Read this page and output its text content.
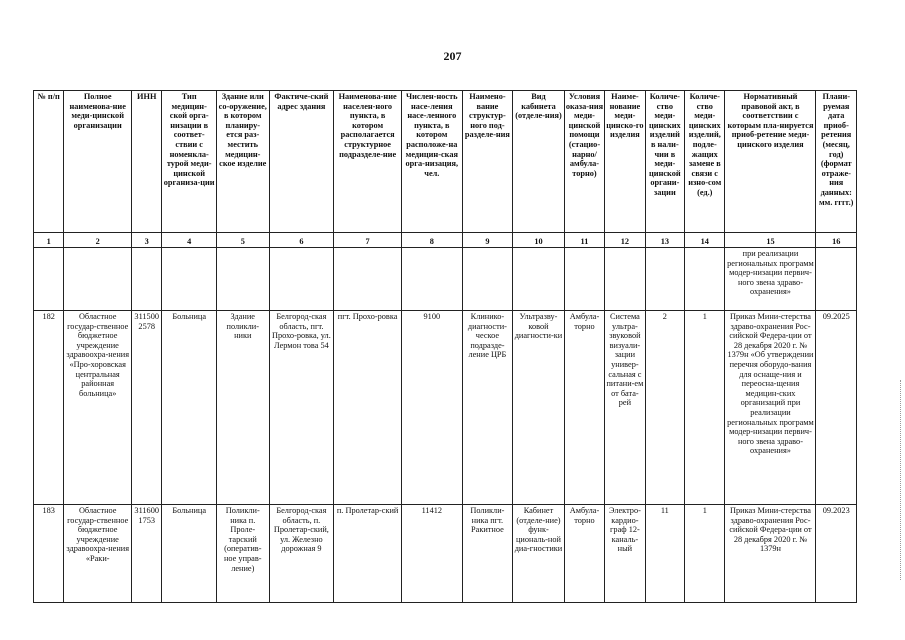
207
№ п/п	Полное наименова-ние меди-цинской организации	ИНН	Тип медицин-ской орга-низации в соответ-ствии с номенкла-турой меди-цинской организа-ции	Здание или со-оружение, в котором планиру-ется раз-местить медицин-ское изделие	Фактиче-ский адрес здания	Наименова-ние населен-ного пункта, в котором располагается структурное подразделе-ние	Числен-ность насе-ления насе-ленного пункта, в котором расположе-на медицин-ская орга-низация, чел.	Наимено-вание структур-ного под-разделе-ния	Вид кабинета (отделе-ния)	Условия оказа-ния меди-цинской помощи (стацио-нарно/ амбула-торно)	Наиме-нование меди-цинско-го изделия	Количе-ство меди-цинских изделий в нали-чии в меди-цинской органи-зации	Количе-ство меди-цинских изделий, подле-жащих замене в связи с изно-сом (ед.)	Нормативный правовой акт, в соответствии с которым пла-нируется приоб-ретение меди-цинского изделия	Плани-руемая дата приоб-ретения (месяц, год) (формат отраже-ния данных: мм. гггг.)
1	2	3	4	5	6	7	8	9	10	11	12	13	14	15	16
														при реализации региональных программ модер-низации первич-ного звена здраво-охранения»	
182	Областное государ-ственное бюджетное учреждение здравоохра-нения «Про-хоровская центральная районная больница»	311500 2578	Больница	Здание поликли-ники	Белгород-ская область, пгт. Прохо-ровка, ул. Лермон това 54	пгт. Прохо-ровка	9100	Клинико-диагности-ческое подразде-ление ЦРБ	Ультразву-ковой диагности-ки	Амбула-торно	Система ультра-звуковой визуали-зации универ-сальная с питани-ем от бата-рей	2	1	Приказ Мини-стерства здраво-охранения Рос-сийской Федера-ции от 28 декабря 2020 г. № 1379н «Об утверждении перечня оборудо-вания для оснаще-ния и переосна-щения медицин-ских организаций при реализации региональных программ модер-низации первич-ного звена здраво-охранения»	09.2025
183	Областное государ-ственное бюджетное учреждение здравоохра-нения «Раки-	311600 1753	Больница	Поликли-ника п. Проле-тарский (оператив-ное управ-ление)	Белгород-ская область, п. Пролетар-ский, ул. Железно дорожная 9	п. Пролетар-ский	11412	Поликли-ника пгт. Ракитное	Кабинет (отделе-ние) функ-циональ-ной диа-гностики	Амбула-торно	Электро-кардио-граф 12-каналь-ный	11	1	Приказ Мини-стерства здраво-охранения Рос-сийской Федера-ции от 28 декабря 2020 г. № 1379н	09.2023
